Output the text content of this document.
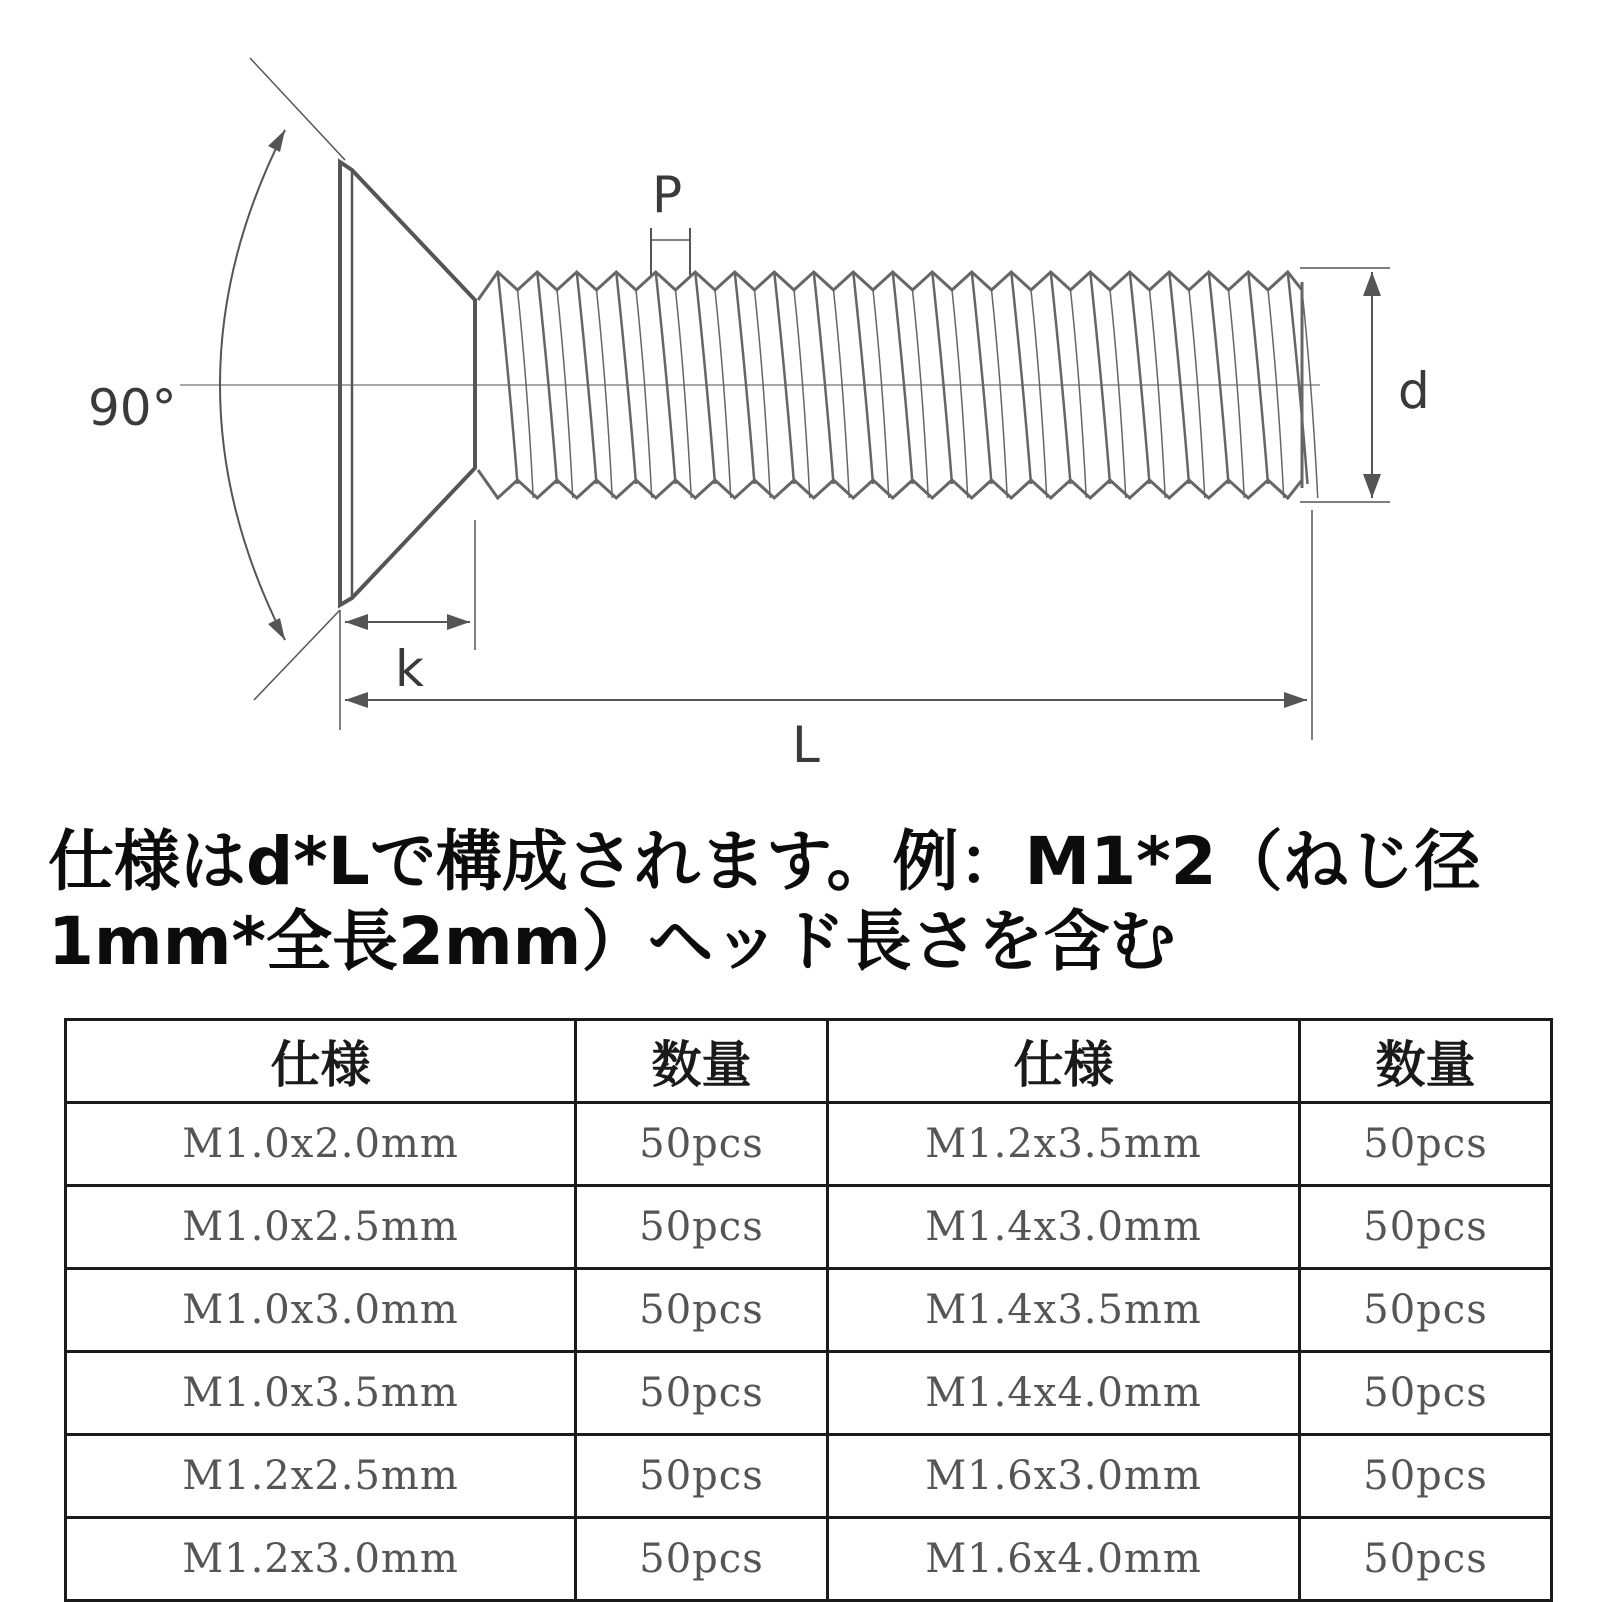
P
d
90°
k
L

仕様はd*Lで構成されます。例：M1*2（ねじ径
1mm*全長2mm）ヘッド長さを含む

仕様	数量	仕様	数量
M1.0x2.0mm	50pcs	M1.2x3.5mm	50pcs
M1.0x2.5mm	50pcs	M1.4x3.0mm	50pcs
M1.0x3.0mm	50pcs	M1.4x3.5mm	50pcs
M1.0x3.5mm	50pcs	M1.4x4.0mm	50pcs
M1.2x2.5mm	50pcs	M1.6x3.0mm	50pcs
M1.2x3.0mm	50pcs	M1.6x4.0mm	50pcs
